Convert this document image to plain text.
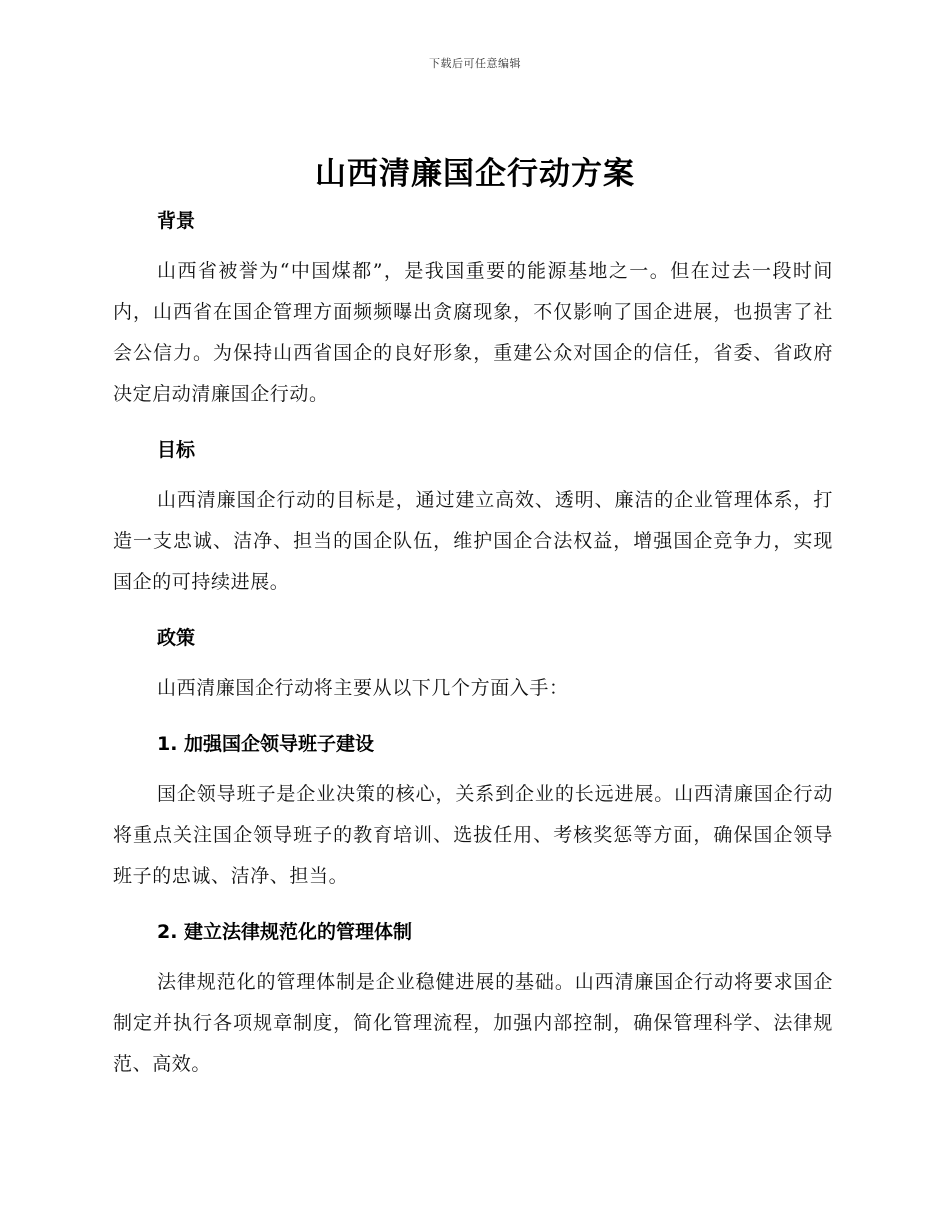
下载后可任意编辑
山西清廉国企行动方案
背景

山西省被誉为“中国煤都”，是我国重要的能源基地之一。但在过去一段时间内，山西省在国企管理方面频频曝出贪腐现象，不仅影响了国企进展，也损害了社会公信力。为保持山西省国企的良好形象，重建公众对国企的信任，省委、省政府决定启动清廉国企行动。

目标

山西清廉国企行动的目标是，通过建立高效、透明、廉洁的企业管理体系，打造一支忠诚、洁净、担当的国企队伍，维护国企合法权益，增强国企竞争力，实现国企的可持续进展。

政策

山西清廉国企行动将主要从以下几个方面入手：

1. 加强国企领导班子建设

国企领导班子是企业决策的核心，关系到企业的长远进展。山西清廉国企行动将重点关注国企领导班子的教育培训、选拔任用、考核奖惩等方面，确保国企领导班子的忠诚、洁净、担当。

2. 建立法律规范化的管理体制

法律规范化的管理体制是企业稳健进展的基础。山西清廉国企行动将要求国企制定并执行各项规章制度，简化管理流程，加强内部控制，确保管理科学、法律规范、高效。
